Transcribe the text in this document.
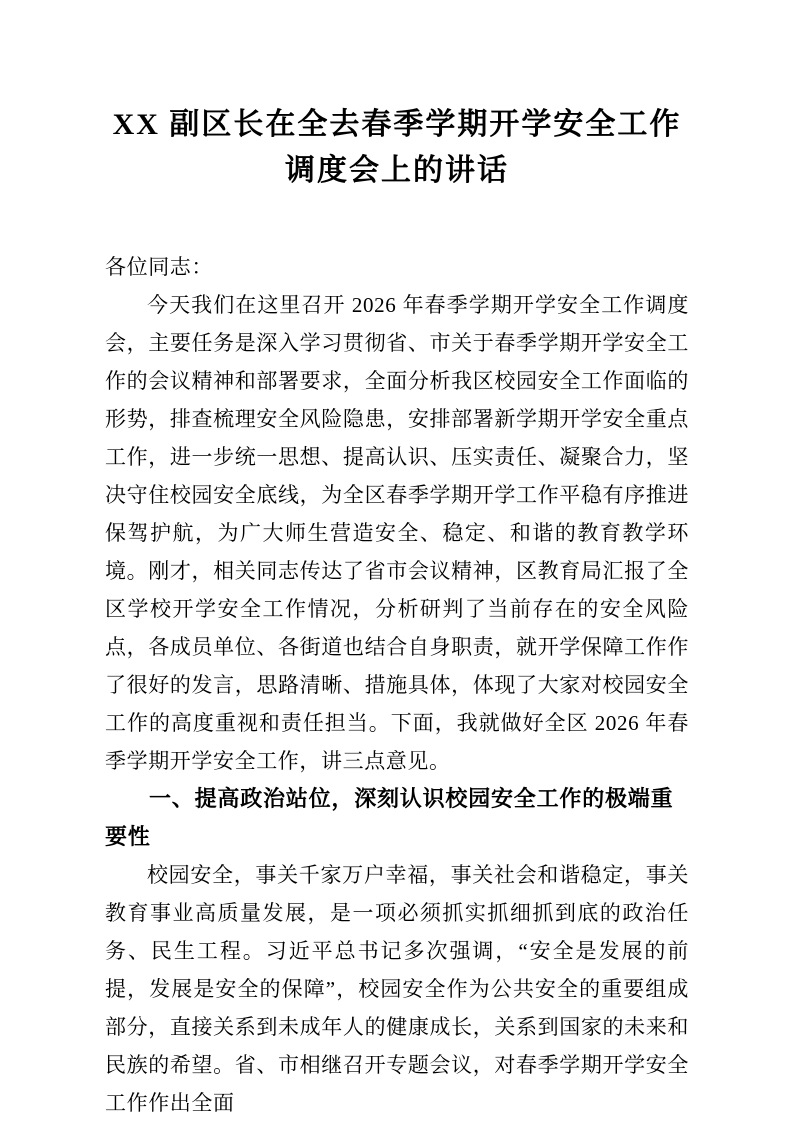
XX 副区长在全去春季学期开学安全工作
调度会上的讲话

各位同志：

今天我们在这里召开 2026 年春季学期开学安全工作调度会，主要任务是深入学习贯彻省、市关于春季学期开学安全工作的会议精神和部署要求，全面分析我区校园安全工作面临的形势，排查梳理安全风险隐患，安排部署新学期开学安全重点工作，进一步统一思想、提高认识、压实责任、凝聚合力，坚决守住校园安全底线，为全区春季学期开学工作平稳有序推进保驾护航，为广大师生营造安全、稳定、和谐的教育教学环境。刚才，相关同志传达了省市会议精神，区教育局汇报了全区学校开学安全工作情况，分析研判了当前存在的安全风险点，各成员单位、各街道也结合自身职责，就开学保障工作作了很好的发言，思路清晰、措施具体，体现了大家对校园安全工作的高度重视和责任担当。下面，我就做好全区 2026 年春季学期开学安全工作，讲三点意见。

一、提高政治站位，深刻认识校园安全工作的极端重要性

校园安全，事关千家万户幸福，事关社会和谐稳定，事关教育事业高质量发展，是一项必须抓实抓细抓到底的政治任务、民生工程。习近平总书记多次强调，“安全是发展的前提，发展是安全的保障”，校园安全作为公共安全的重要组成部分，直接关系到未成年人的健康成长，关系到国家的未来和民族的希望。省、市相继召开专题会议，对春季学期开学安全工作作出全面
